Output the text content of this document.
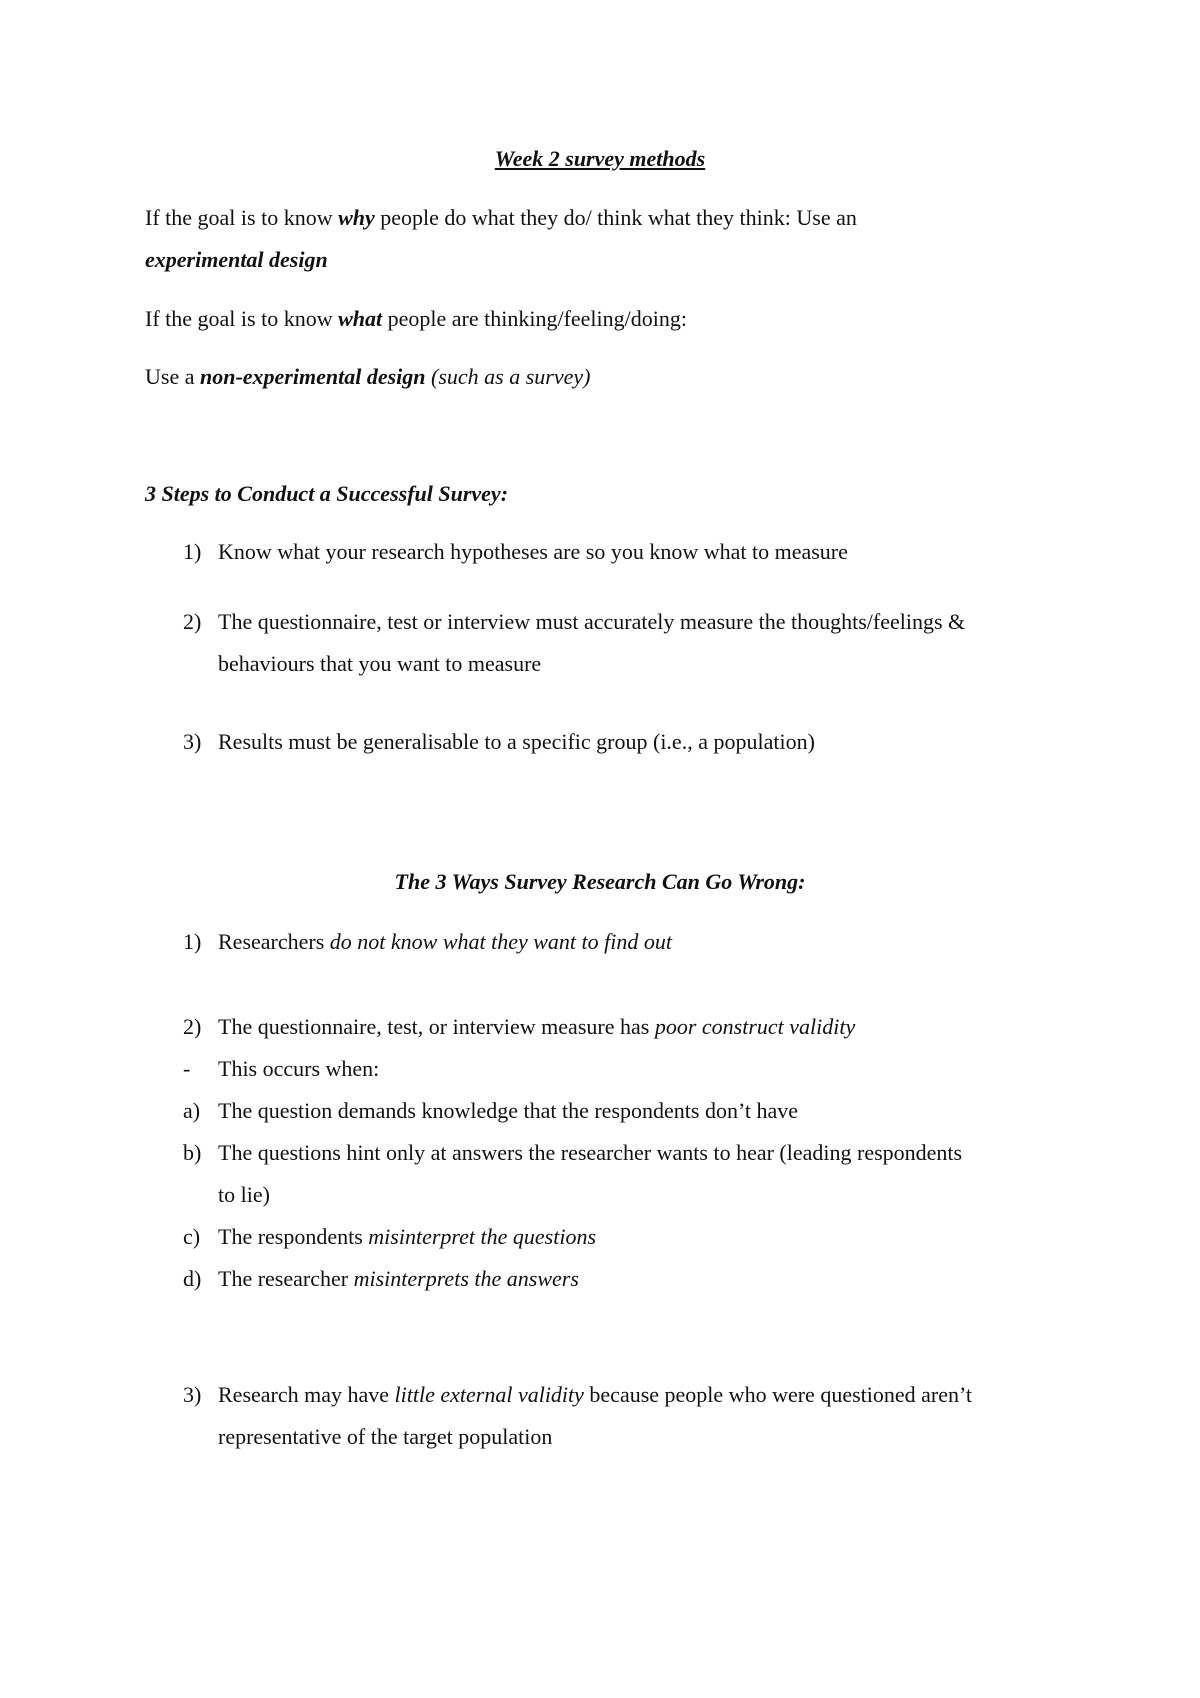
Week 2 survey methods
If the goal is to know why people do what they do/ think what they think: Use an
experimental design
If the goal is to know what people are thinking/feeling/doing:
Use a non-experimental design (such as a survey)
3 Steps to Conduct a Successful Survey:
1) Know what your research hypotheses are so you know what to measure
2) The questionnaire, test or interview must accurately measure the thoughts/feelings &
behaviours that you want to measure
3) Results must be generalisable to a specific group (i.e., a population)
The 3 Ways Survey Research Can Go Wrong:
1) Researchers do not know what they want to find out
2) The questionnaire, test, or interview measure has poor construct validity
-	This occurs when:
a) The question demands knowledge that the respondents don’t have
b) The questions hint only at answers the researcher wants to hear (leading respondents
to lie)
c) The respondents misinterpret the questions
d) The researcher misinterprets the answers
3) Research may have little external validity because people who were questioned aren’t
representative of the target population
